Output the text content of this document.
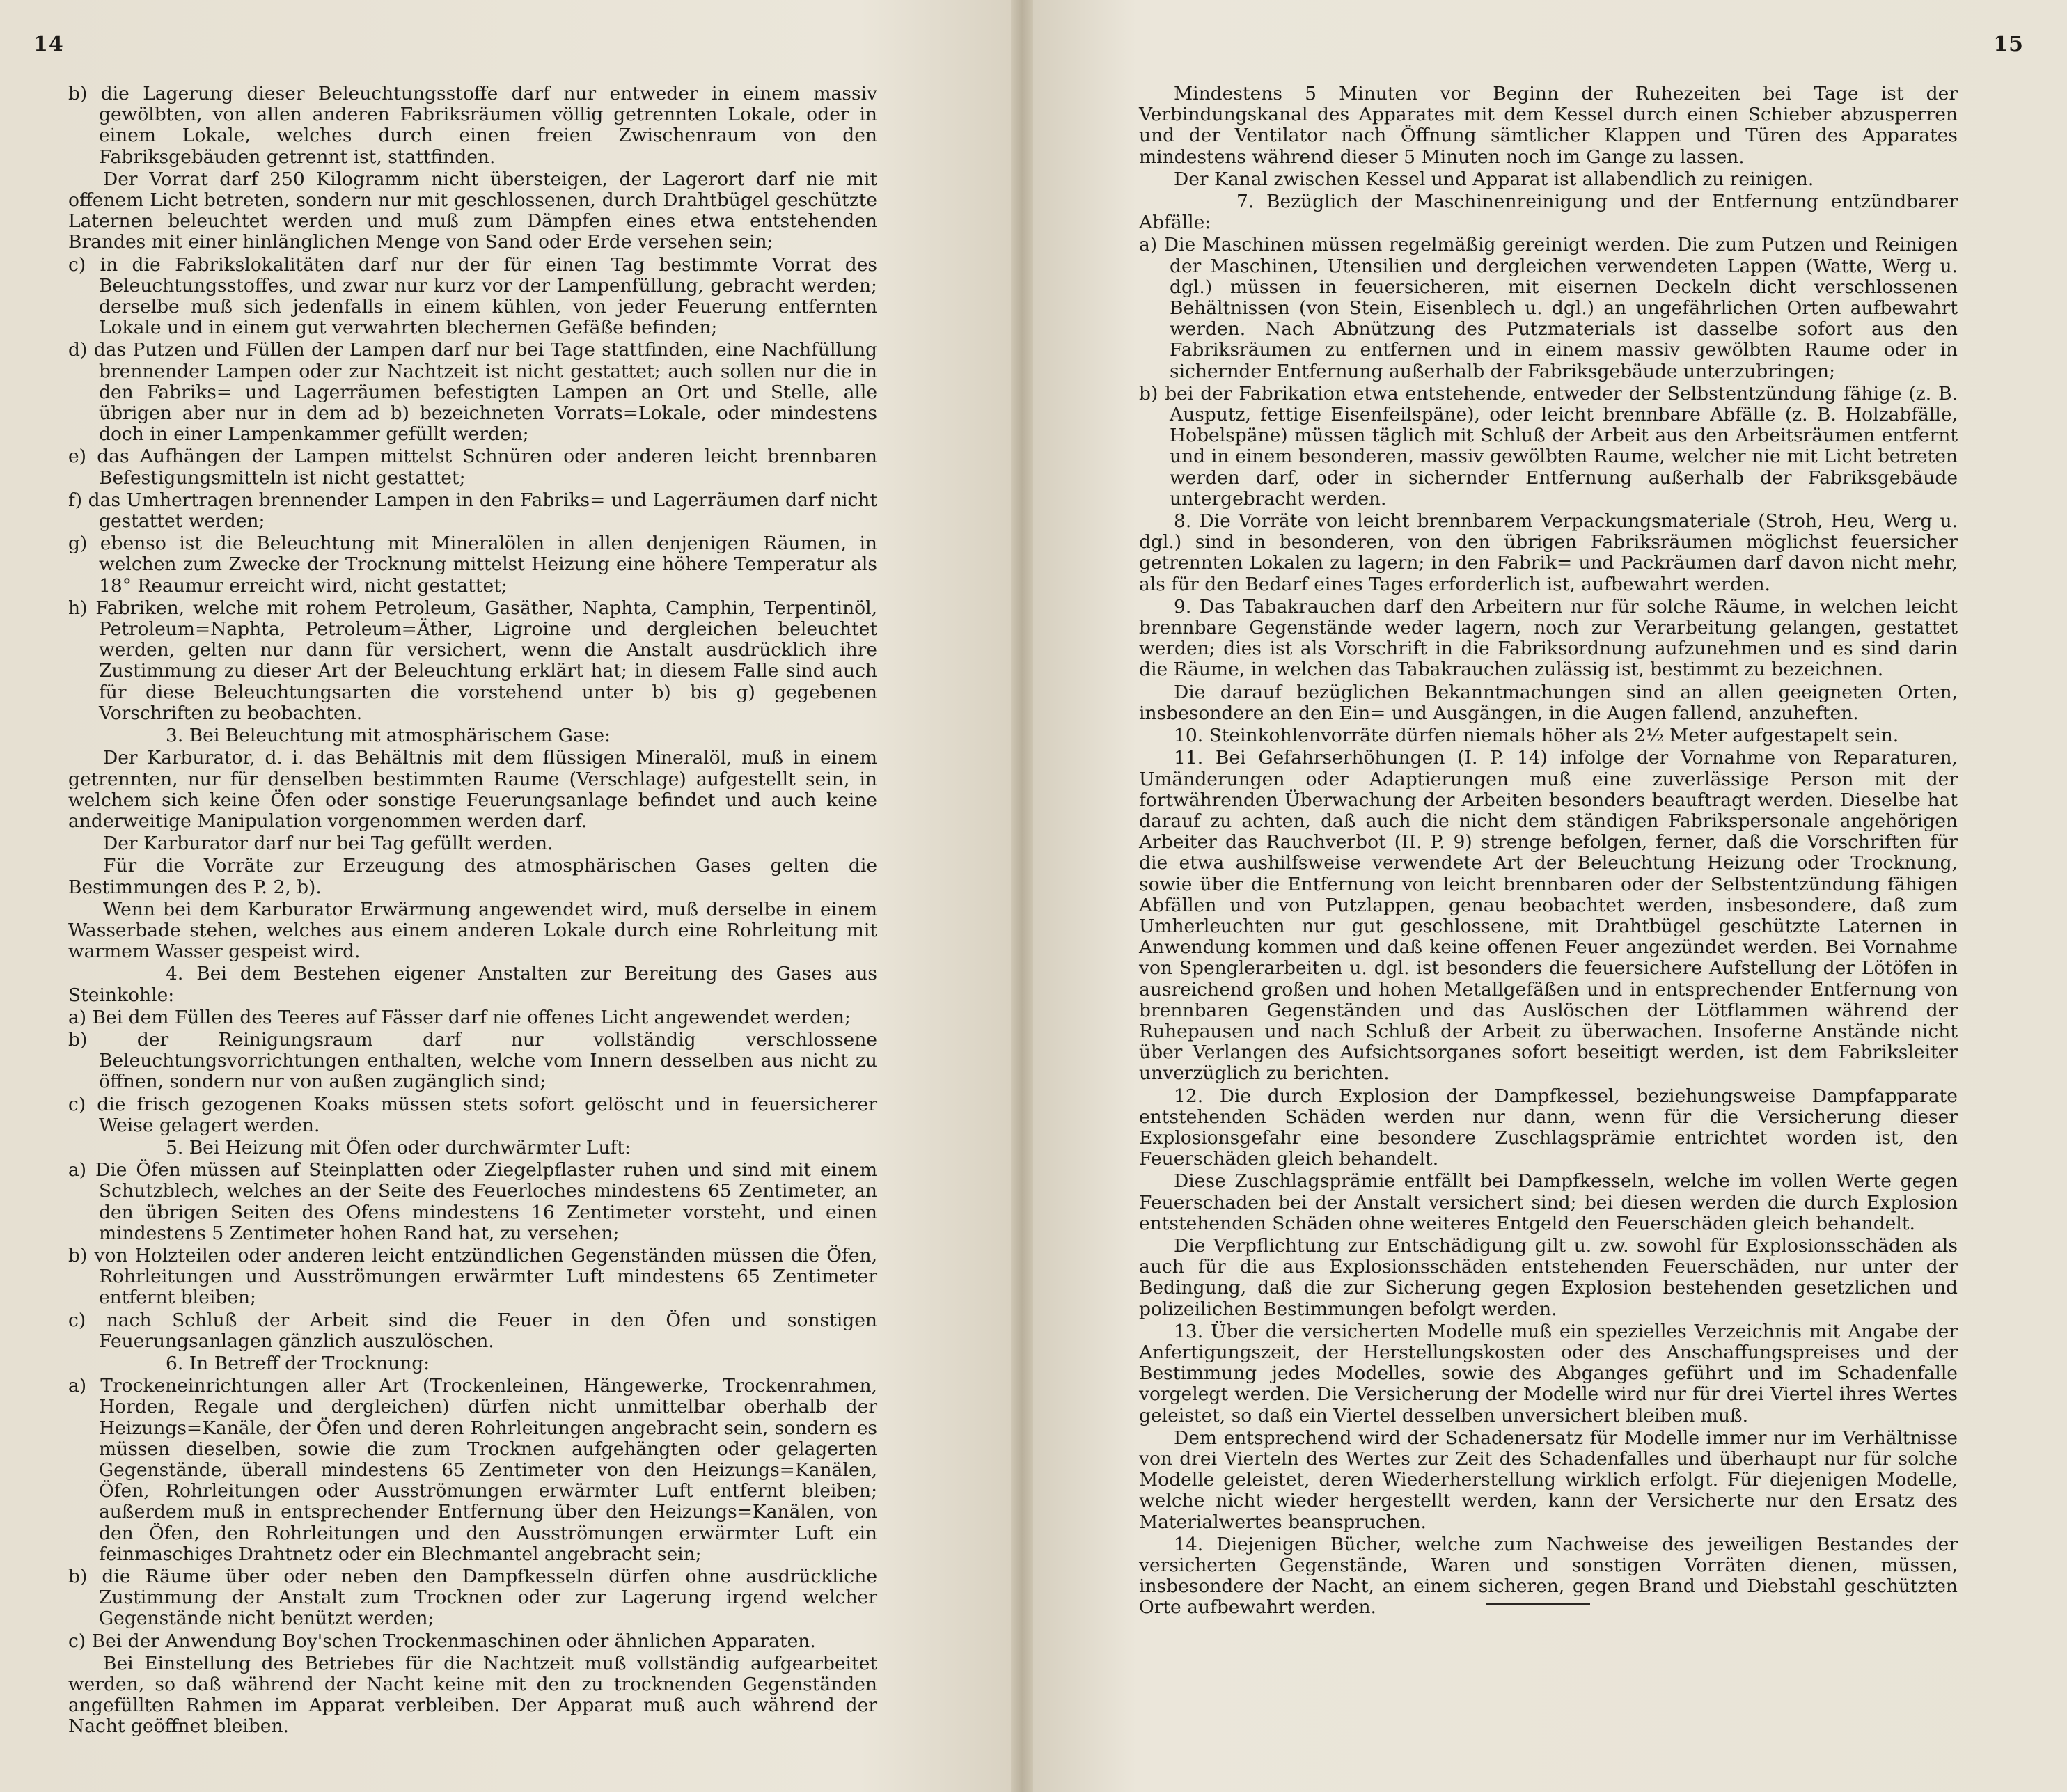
14

b) die Lagerung dieser Beleuchtungsstoffe darf nur entweder in einem massiv gewölbten, von allen anderen Fabriksräumen völlig getrennten Lokale, oder in einem Lokale, welches durch einen freien Zwischenraum von den Fabriksgebäuden getrennt ist, stattfinden.

Der Vorrat darf 250 Kilogramm nicht übersteigen, der Lagerort darf nie mit offenem Licht betreten, sondern nur mit geschlossenen, durch Drahtbügel geschützte Laternen beleuchtet werden und muß zum Dämpfen eines etwa entstehenden Brandes mit einer hinlänglichen Menge von Sand oder Erde versehen sein;

c) in die Fabrikslokalitäten darf nur der für einen Tag bestimmte Vorrat des Beleuchtungsstoffes, und zwar nur kurz vor der Lampenfüllung, gebracht werden; derselbe muß sich jedenfalls in einem kühlen, von jeder Feuerung entfernten Lokale und in einem gut verwahrten blechernen Gefäße befinden;

d) das Putzen und Füllen der Lampen darf nur bei Tage stattfinden, eine Nachfüllung brennender Lampen oder zur Nachtzeit ist nicht gestattet; auch sollen nur die in den Fabriks= und Lagerräumen befestigten Lampen an Ort und Stelle, alle übrigen aber nur in dem ad b) bezeichneten Vorrats=Lokale, oder mindestens doch in einer Lampenkammer gefüllt werden;

e) das Aufhängen der Lampen mittelst Schnüren oder anderen leicht brennbaren Befestigungsmitteln ist nicht gestattet;

f) das Umhertragen brennender Lampen in den Fabriks= und Lagerräumen darf nicht gestattet werden;

g) ebenso ist die Beleuchtung mit Mineralölen in allen denjenigen Räumen, in welchen zum Zwecke der Trocknung mittelst Heizung eine höhere Temperatur als 18° Reaumur erreicht wird, nicht gestattet;

h) Fabriken, welche mit rohem Petroleum, Gasäther, Naphta, Camphin, Terpentinöl, Petroleum=Naphta, Petroleum=Äther, Ligroine und dergleichen beleuchtet werden, gelten nur dann für versichert, wenn die Anstalt ausdrücklich ihre Zustimmung zu dieser Art der Beleuchtung erklärt hat; in diesem Falle sind auch für diese Beleuchtungsarten die vorstehend unter b) bis g) gegebenen Vorschriften zu beobachten.

3. Bei Beleuchtung mit atmosphärischem Gase:

Der Karburator, d. i. das Behältnis mit dem flüssigen Mineralöl, muß in einem getrennten, nur für denselben bestimmten Raume (Verschlage) aufgestellt sein, in welchem sich keine Öfen oder sonstige Feuerungsanlage befindet und auch keine anderweitige Manipulation vorgenommen werden darf.

Der Karburator darf nur bei Tag gefüllt werden.

Für die Vorräte zur Erzeugung des atmosphärischen Gases gelten die Bestimmungen des P. 2, b).

Wenn bei dem Karburator Erwärmung angewendet wird, muß derselbe in einem Wasserbade stehen, welches aus einem anderen Lokale durch eine Rohrleitung mit warmem Wasser gespeist wird.

4. Bei dem Bestehen eigener Anstalten zur Bereitung des Gases aus Steinkohle:

a) Bei dem Füllen des Teeres auf Fässer darf nie offenes Licht angewendet werden;

b) der Reinigungsraum darf nur vollständig verschlossene Beleuchtungsvorrichtungen enthalten, welche vom Innern desselben aus nicht zu öffnen, sondern nur von außen zugänglich sind;

c) die frisch gezogenen Koaks müssen stets sofort gelöscht und in feuersicherer Weise gelagert werden.

5. Bei Heizung mit Öfen oder durchwärmter Luft:

a) Die Öfen müssen auf Steinplatten oder Ziegelpflaster ruhen und sind mit einem Schutzblech, welches an der Seite des Feuerloches mindestens 65 Zentimeter, an den übrigen Seiten des Ofens mindestens 16 Zentimeter vorsteht, und einen mindestens 5 Zentimeter hohen Rand hat, zu versehen;

b) von Holzteilen oder anderen leicht entzündlichen Gegenständen müssen die Öfen, Rohrleitungen und Ausströmungen erwärmter Luft mindestens 65 Zentimeter entfernt bleiben;

c) nach Schluß der Arbeit sind die Feuer in den Öfen und sonstigen Feuerungsanlagen gänzlich auszulöschen.

6. In Betreff der Trocknung:

a) Trockeneinrichtungen aller Art (Trockenleinen, Hängewerke, Trockenrahmen, Horden, Regale und dergleichen) dürfen nicht unmittelbar oberhalb der Heizungs=Kanäle, der Öfen und deren Rohrleitungen angebracht sein, sondern es müssen dieselben, sowie die zum Trocknen aufgehängten oder gelagerten Gegenstände, überall mindestens 65 Zentimeter von den Heizungs=Kanälen, Öfen, Rohrleitungen oder Ausströmungen erwärmter Luft entfernt bleiben; außerdem muß in entsprechender Entfernung über den Heizungs=Kanälen, von den Öfen, den Rohrleitungen und den Ausströmungen erwärmter Luft ein feinmaschiges Drahtnetz oder ein Blechmantel angebracht sein;

b) die Räume über oder neben den Dampfkesseln dürfen ohne ausdrückliche Zustimmung der Anstalt zum Trocknen oder zur Lagerung irgend welcher Gegenstände nicht benützt werden;

c) Bei der Anwendung Boy'schen Trockenmaschinen oder ähnlichen Apparaten.

Bei Einstellung des Betriebes für die Nachtzeit muß vollständig aufgearbeitet werden, so daß während der Nacht keine mit den zu trocknenden Gegenständen angefüllten Rahmen im Apparat verbleiben. Der Apparat muß auch während der Nacht geöffnet bleiben.

15

Mindestens 5 Minuten vor Beginn der Ruhezeiten bei Tage ist der Verbindungskanal des Apparates mit dem Kessel durch einen Schieber abzusperren und der Ventilator nach Öffnung sämtlicher Klappen und Türen des Apparates mindestens während dieser 5 Minuten noch im Gange zu lassen.

Der Kanal zwischen Kessel und Apparat ist allabendlich zu reinigen.

7. Bezüglich der Maschinenreinigung und der Entfernung entzündbarer Abfälle:

a) Die Maschinen müssen regelmäßig gereinigt werden. Die zum Putzen und Reinigen der Maschinen, Utensilien und dergleichen verwendeten Lappen (Watte, Werg u. dgl.) müssen in feuersicheren, mit eisernen Deckeln dicht verschlossenen Behältnissen (von Stein, Eisenblech u. dgl.) an ungefährlichen Orten aufbewahrt werden. Nach Abnützung des Putzmaterials ist dasselbe sofort aus den Fabriksräumen zu entfernen und in einem massiv gewölbten Raume oder in sichernder Entfernung außerhalb der Fabriksgebäude unterzubringen;

b) bei der Fabrikation etwa entstehende, entweder der Selbstentzündung fähige (z. B. Ausputz, fettige Eisenfeilspäne), oder leicht brennbare Abfälle (z. B. Holzabfälle, Hobelspäne) müssen täglich mit Schluß der Arbeit aus den Arbeitsräumen entfernt und in einem besonderen, massiv gewölbten Raume, welcher nie mit Licht betreten werden darf, oder in sichernder Entfernung außerhalb der Fabriksgebäude untergebracht werden.

8. Die Vorräte von leicht brennbarem Verpackungsmateriale (Stroh, Heu, Werg u. dgl.) sind in besonderen, von den übrigen Fabriksräumen möglichst feuersicher getrennten Lokalen zu lagern; in den Fabrik= und Packräumen darf davon nicht mehr, als für den Bedarf eines Tages erforderlich ist, aufbewahrt werden.

9. Das Tabakrauchen darf den Arbeitern nur für solche Räume, in welchen leicht brennbare Gegenstände weder lagern, noch zur Verarbeitung gelangen, gestattet werden; dies ist als Vorschrift in die Fabriksordnung aufzunehmen und es sind darin die Räume, in welchen das Tabakrauchen zulässig ist, bestimmt zu bezeichnen.

Die darauf bezüglichen Bekanntmachungen sind an allen geeigneten Orten, insbesondere an den Ein= und Ausgängen, in die Augen fallend, anzuheften.

10. Steinkohlenvorräte dürfen niemals höher als 2½ Meter aufgestapelt sein.

11. Bei Gefahrserhöhungen (I. P. 14) infolge der Vornahme von Reparaturen, Umänderungen oder Adaptierungen muß eine zuverlässige Person mit der fortwährenden Überwachung der Arbeiten besonders beauftragt werden. Dieselbe hat darauf zu achten, daß auch die nicht dem ständigen Fabrikspersonale angehörigen Arbeiter das Rauchverbot (II. P. 9) strenge befolgen, ferner, daß die Vorschriften für die etwa aushilfsweise verwendete Art der Beleuchtung Heizung oder Trocknung, sowie über die Entfernung von leicht brennbaren oder der Selbstentzündung fähigen Abfällen und von Putzlappen, genau beobachtet werden, insbesondere, daß zum Umherleuchten nur gut geschlossene, mit Drahtbügel geschützte Laternen in Anwendung kommen und daß keine offenen Feuer angezündet werden. Bei Vornahme von Spenglerarbeiten u. dgl. ist besonders die feuersichere Aufstellung der Lötöfen in ausreichend großen und hohen Metallgefäßen und in entsprechender Entfernung von brennbaren Gegenständen und das Auslöschen der Lötflammen während der Ruhepausen und nach Schluß der Arbeit zu überwachen. Insoferne Anstände nicht über Verlangen des Aufsichtsorganes sofort beseitigt werden, ist dem Fabriksleiter unverzüglich zu berichten.

12. Die durch Explosion der Dampfkessel, beziehungsweise Dampfapparate entstehenden Schäden werden nur dann, wenn für die Versicherung dieser Explosionsgefahr eine besondere Zuschlagsprämie entrichtet worden ist, den Feuerschäden gleich behandelt.

Diese Zuschlagsprämie entfällt bei Dampfkesseln, welche im vollen Werte gegen Feuerschaden bei der Anstalt versichert sind; bei diesen werden die durch Explosion entstehenden Schäden ohne weiteres Entgeld den Feuerschäden gleich behandelt.

Die Verpflichtung zur Entschädigung gilt u. zw. sowohl für Explosionsschäden als auch für die aus Explosionsschäden entstehenden Feuerschäden, nur unter der Bedingung, daß die zur Sicherung gegen Explosion bestehenden gesetzlichen und polizeilichen Bestimmungen befolgt werden.

13. Über die versicherten Modelle muß ein spezielles Verzeichnis mit Angabe der Anfertigungszeit, der Herstellungskosten oder des Anschaffungspreises und der Bestimmung jedes Modelles, sowie des Abganges geführt und im Schadenfalle vorgelegt werden. Die Versicherung der Modelle wird nur für drei Viertel ihres Wertes geleistet, so daß ein Viertel desselben unversichert bleiben muß.

Dem entsprechend wird der Schadenersatz für Modelle immer nur im Verhältnisse von drei Vierteln des Wertes zur Zeit des Schadenfalles und überhaupt nur für solche Modelle geleistet, deren Wiederherstellung wirklich erfolgt. Für diejenigen Modelle, welche nicht wieder hergestellt werden, kann der Versicherte nur den Ersatz des Materialwertes beanspruchen.

14. Diejenigen Bücher, welche zum Nachweise des jeweiligen Bestandes der versicherten Gegenstände, Waren und sonstigen Vorräten dienen, müssen, insbesondere der Nacht, an einem sicheren, gegen Brand und Diebstahl geschützten Orte aufbewahrt werden.
